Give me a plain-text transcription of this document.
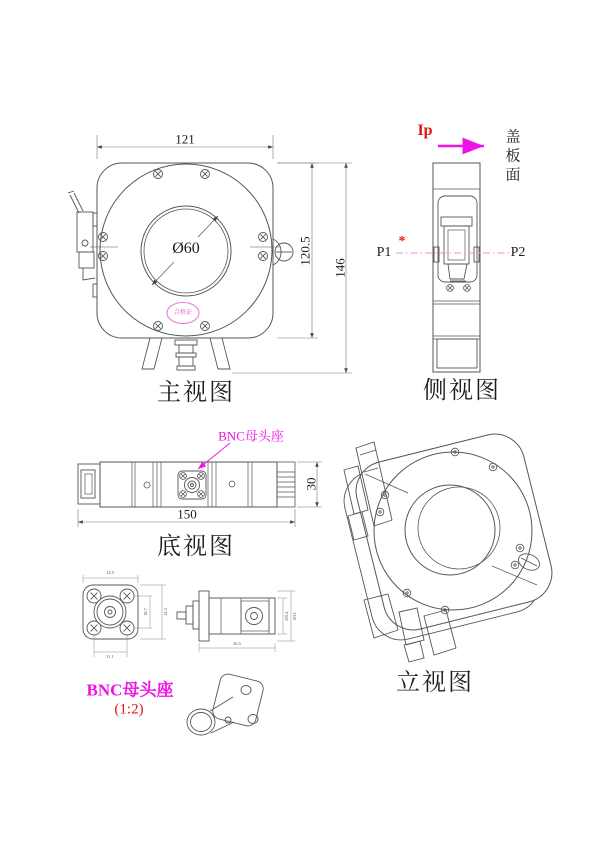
121
120.5
146
Ø60
合格证
主视图
Ip	盖板面
P1
*
P2
侧视图
BNC母头座
30
150
底视图
立视图
BNC母头座
(1:2)
14.5
14.5
10.7
11.1
Ø9.4 Ø11
26.5
